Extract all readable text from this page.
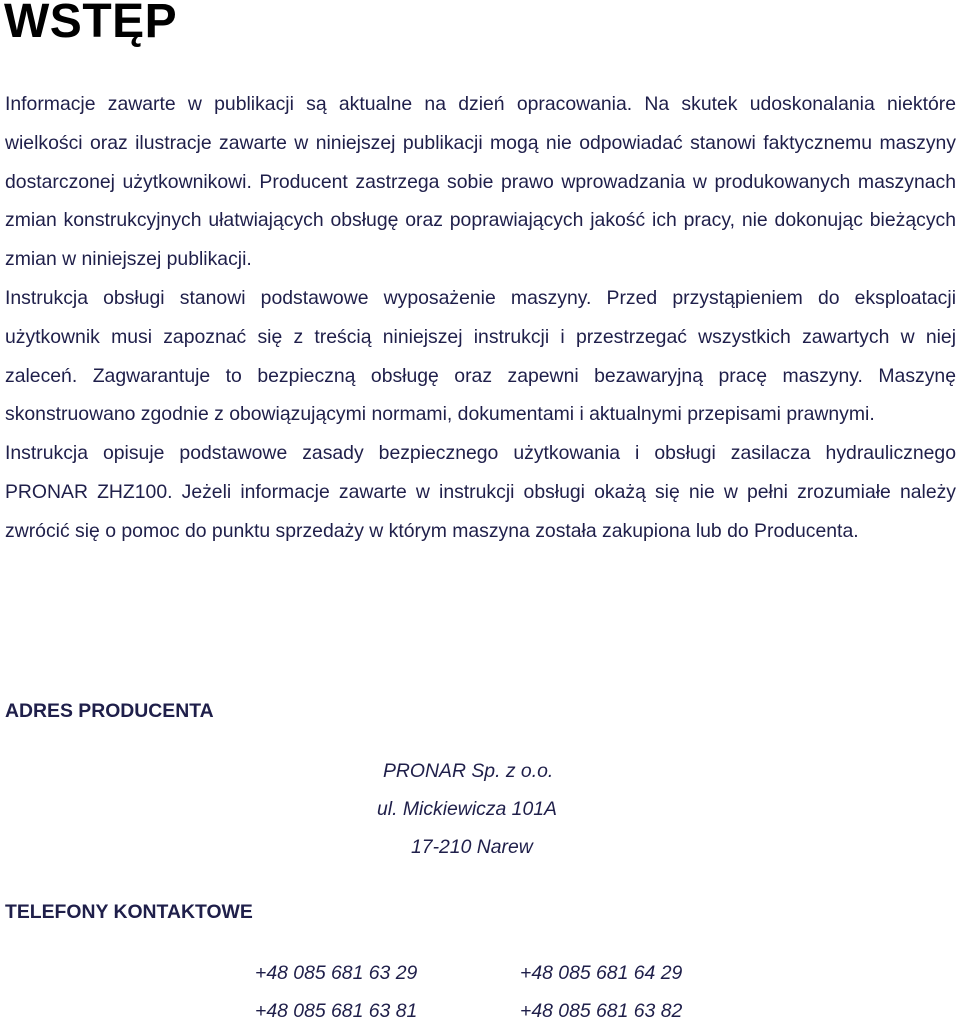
WSTĘP

Informacje zawarte w publikacji są aktualne na dzień opracowania. Na skutek udoskonalania niektóre wielkości oraz ilustracje zawarte w niniejszej publikacji mogą nie odpowiadać stanowi faktycznemu maszyny dostarczonej użytkownikowi. Producent zastrzega sobie prawo wprowadzania w produkowanych maszynach zmian konstrukcyjnych ułatwiających obsługę oraz poprawiających jakość ich pracy, nie dokonując bieżących zmian w niniejszej publikacji.

Instrukcja obsługi stanowi podstawowe wyposażenie maszyny. Przed przystąpieniem do eksploatacji użytkownik musi zapoznać się z treścią niniejszej instrukcji i przestrzegać wszystkich zawartych w niej zaleceń. Zagwarantuje to bezpieczną obsługę oraz zapewni bezawaryjną pracę maszyny. Maszynę skonstruowano zgodnie z obowiązującymi normami, dokumentami i aktualnymi przepisami prawnymi.

Instrukcja opisuje podstawowe zasady bezpiecznego użytkowania i obsługi zasilacza hydraulicznego PRONAR ZHZ100. Jeżeli informacje zawarte w instrukcji obsługi okażą się nie w pełni zrozumiałe należy zwrócić się o pomoc do punktu sprzedaży w którym maszyna została zakupiona lub do Producenta.

ADRES PRODUCENTA
PRONAR Sp. z o.o.
ul. Mickiewicza 101A
17-210 Narew
TELEFONY KONTAKTOWE
+48 085 681 63 29	+48 085 681 64 29
+48 085 681 63 81	+48 085 681 63 82
